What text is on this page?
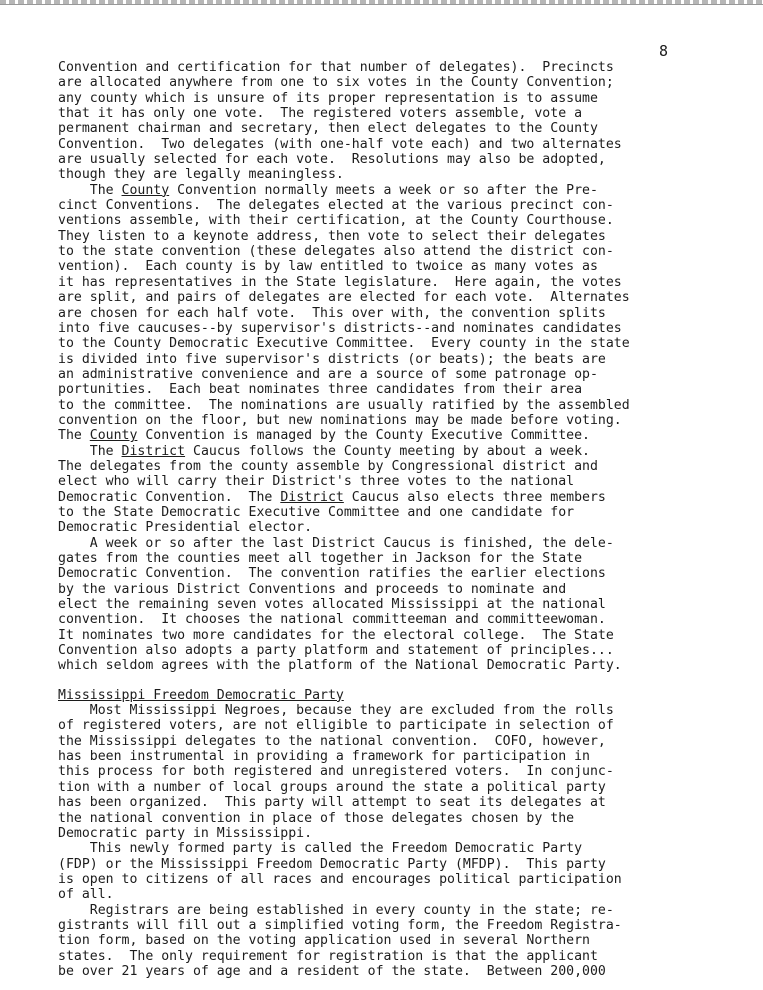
8
Convention and certification for that number of delegates).  Precincts
are allocated anywhere from one to six votes in the County Convention;
any county which is unsure of its proper representation is to assume
that it has only one vote.  The registered voters assemble, vote a
permanent chairman and secretary, then elect delegates to the County
Convention.  Two delegates (with one-half vote each) and two alternates
are usually selected for each vote.  Resolutions may also be adopted,
though they are legally meaningless.
The County Convention normally meets a week or so after the Pre-
cinct Conventions.  The delegates elected at the various precinct con-
ventions assemble, with their certification, at the County Courthouse.
They listen to a keynote address, then vote to select their delegates
to the state convention (these delegates also attend the district con-
vention).  Each county is by law entitled to twoice as many votes as
it has representatives in the State legislature.  Here again, the votes
are split, and pairs of delegates are elected for each vote.  Alternates
are chosen for each half vote.  This over with, the convention splits
into five caucuses--by supervisor's districts--and nominates candidates
to the County Democratic Executive Committee.  Every county in the state
is divided into five supervisor's districts (or beats); the beats are
an administrative convenience and are a source of some patronage op-
portunities.  Each beat nominates three candidates from their area
to the committee.  The nominations are usually ratified by the assembled
convention on the floor, but new nominations may be made before voting.
The County Convention is managed by the County Executive Committee.
The District Caucus follows the County meeting by about a week.
The delegates from the county assemble by Congressional district and
elect who will carry their District's three votes to the national
Democratic Convention.  The District Caucus also elects three members
to the State Democratic Executive Committee and one candidate for
Democratic Presidential elector.
A week or so after the last District Caucus is finished, the dele-
gates from the counties meet all together in Jackson for the State
Democratic Convention.  The convention ratifies the earlier elections
by the various District Conventions and proceeds to nominate and
elect the remaining seven votes allocated Mississippi at the national
convention.  It chooses the national committeeman and committeewoman.
It nominates two more candidates for the electoral college.  The State
Convention also adopts a party platform and statement of principles...
which seldom agrees with the platform of the National Democratic Party.
Mississippi Freedom Democratic Party
Most Mississippi Negroes, because they are excluded from the rolls
of registered voters, are not elligible to participate in selection of
the Mississippi delegates to the national convention.  COFO, however,
has been instrumental in providing a framework for participation in
this process for both registered and unregistered voters.  In conjunc-
tion with a number of local groups around the state a political party
has been organized.  This party will attempt to seat its delegates at
the national convention in place of those delegates chosen by the
Democratic party in Mississippi.
This newly formed party is called the Freedom Democratic Party
(FDP) or the Mississippi Freedom Democratic Party (MFDP).  This party
is open to citizens of all races and encourages political participation
of all.
Registrars are being established in every county in the state; re-
gistrants will fill out a simplified voting form, the Freedom Registra-
tion form, based on the voting application used in several Northern
states.  The only requirement for registration is that the applicant
be over 21 years of age and a resident of the state.  Between 200,000
